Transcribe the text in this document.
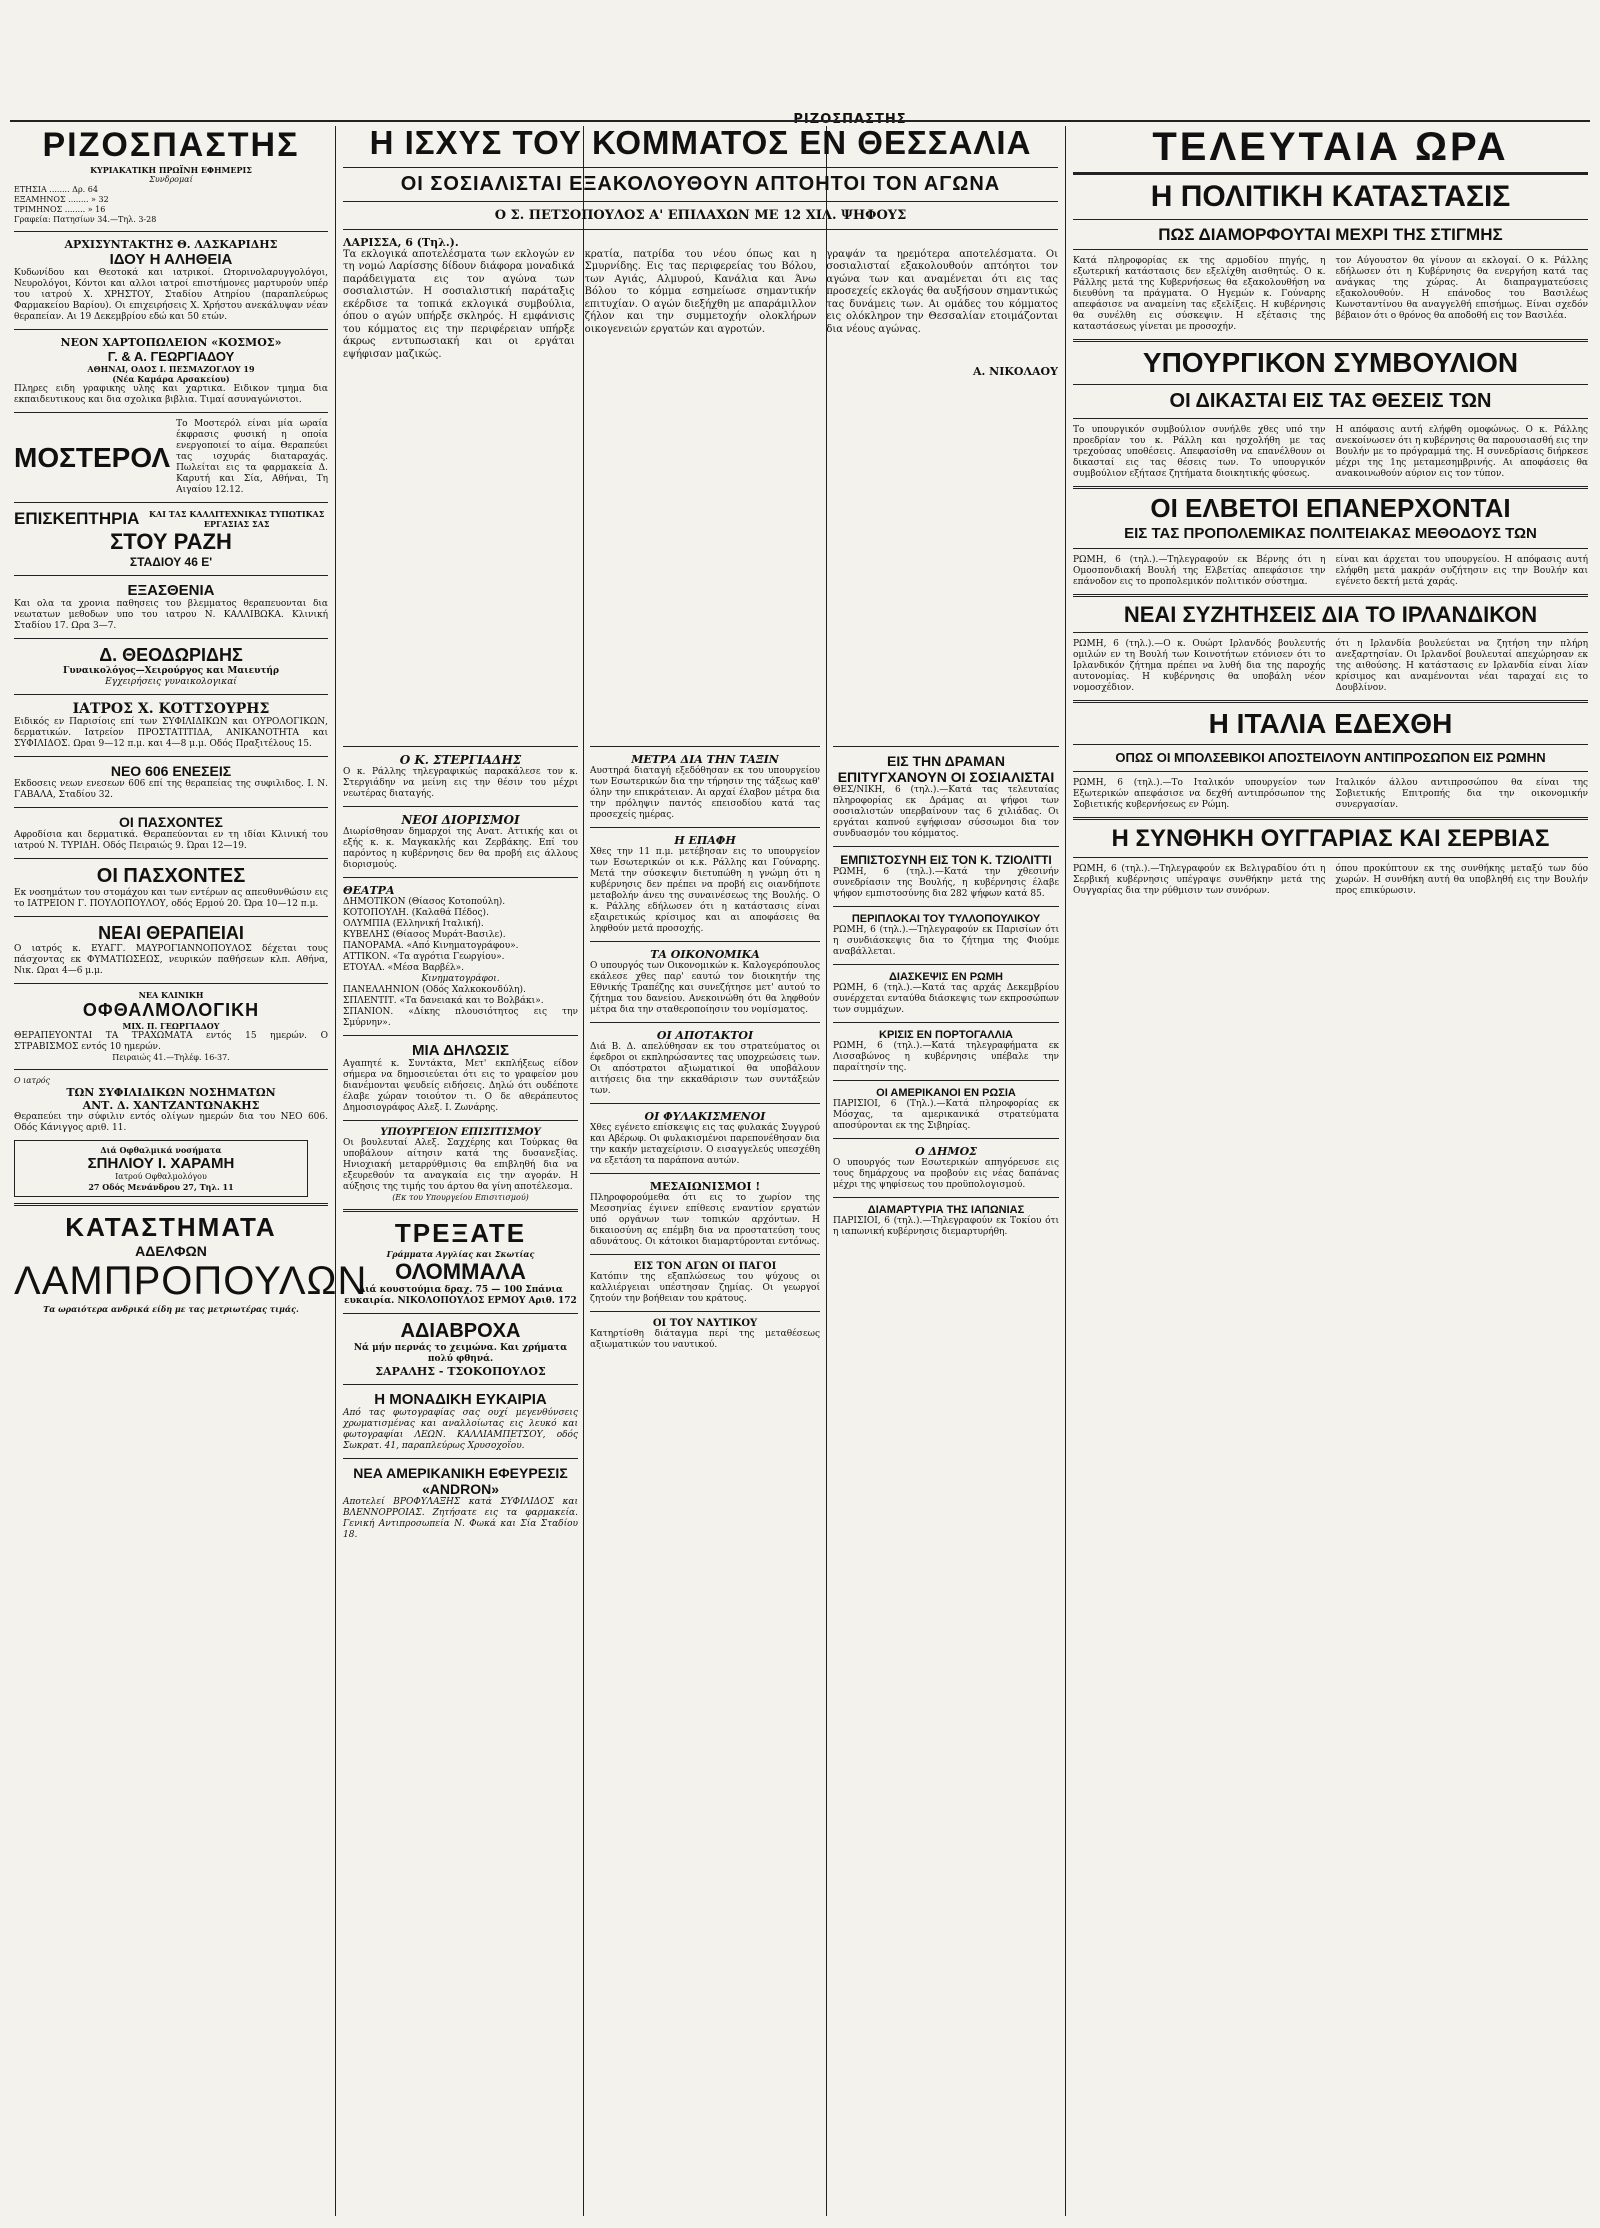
ΡΙΖΟΣΠΑΣΤΗΣ
ΡΙΖΟΣΠΑΣΤΗΣ
ΚΥΡΙΑΚΑΤΙΚΗ ΠΡΩΪΝΗ ΕΦΗΜΕΡΙΣ
Συνδρομαί
ΕΤΗΣΙΑ ........ Δρ. 64
ΕΞΑΜΗΝΟΣ ........ » 32
ΤΡΙΜΗΝΟΣ ........ » 16
Γραφεία: Πατησίων 34.—Τηλ. 3-28
ΑΡΧΙΣΥΝΤΑΚΤΗΣ Θ. ΛΑΣΚΑΡΙΔΗΣ
ΙΔΟΥ Η ΑΛΗΘΕΙΑ
Κυδωνίδου και Θεοτοκά και ιατρικοί. Ωτορινολαρυγγολόγοι, Νευρολόγοι, Κόντοι και αλλοι ιατροί επιστήμονες μαρτυρούν υπέρ του ιατρού Χ. ΧΡΗΣΤΟΥ, Σταδίου Ατηρίου (παραπλεύρως Φαρμακείου Βαρίου). Οι επιχειρήσεις Χ. Χρήστου ανεκάλυψαν νέαν θεραπείαν. Αι 19 Δεκεμβρίου εδώ και 50 ετών.
ΝΕΟΝ ΧΑΡΤΟΠΩΛΕΙΟΝ «ΚΟΣΜΟΣ»
Γ. & Α. ΓΕΩΡΓΙΑΔΟΥ
ΑΘΗΝΑΙ, ΟΔΟΣ Ι. ΠΕΣΜΑΖΟΓΛΟΥ 19
(Νέα Καμάρα Αρσακείου)
Πληρες ειδη γραφικης υλης και χαρτικα. Ειδικον τμημα δια εκπαιδευτικους και δια σχολικα βιβλια. Τιμαί ασυναγώνιστοι.
ΜΟΣΤΕΡΟΛ
Το Μοστερόλ είναι μία ωραία έκφρασις φυσική η οποία ενεργοποιεί το αίμα. Θεραπεύει τας ισχυράς διαταραχάς. Πωλείται εις τα φαρμακεία Δ. Καρυτή και Σία, Αθήναι, Τη Αιγαίου 12.12.
ΕΠΙΣΚΕΠΤΗΡΙΑ	ΚΑΙ ΤΑΣ ΚΑΛΛΙΤΕΧΝΙΚΑΣ ΤΥΠΩΤΙΚΑΣ ΕΡΓΑΣΙΑΣ ΣΑΣ
ΣΤΟΥ ΡΑΖΗ
ΣΤΑΔΙΟΥ 46 Ε'
ΕΞΑΣΘΕΝΙΑ
Και ολα τα χρονια παθησεις του βλεμματος θεραπευονται δια νεωτατων μεθοδων υπο του ιατρου Ν. ΚΑΛΛΙΒΩΚΑ. Κλινική Σταδίου 17. Ωρα 3—7.
Δ. ΘΕΟΔΩΡΙΔΗΣ
Γυναικολόγος—Χειρούργος και Μαιευτήρ
Εγχειρήσεις γυναικολογικαί
ΙΑΤΡΟΣ Χ. ΚΟΤΤΣΟΥΡΗΣ
Ειδικός εν Παρισίοις επί των ΣΥΦΙΛΙΔΙΚΩΝ και ΟΥΡΟΛΟΓΙΚΩΝ, δερματικών. Ιατρείον ΠΡΟΣΤΑΤΙΤΙΔΑ, ΑΝΙΚΑΝΟΤΗΤΑ και ΣΥΦΙΛΙΔΟΣ. Ωραι 9—12 π.μ. και 4—8 μ.μ. Οδός Πραξιτέλους 15.
ΝΕΟ 606 ΕΝΕΣΕΙΣ
Εκδοσεις νεων ενεσεων 606 επί της θεραπείας της συφιλιδος. Ι. Ν. ΓΑΒΑΛΑ, Σταδίου 32.
ΟΙ ΠΑΣΧΟΝΤΕΣ
Αφροδίσια και δερματικά. Θεραπεύονται εν τη ιδίαι Κλινική του ιατρού Ν. ΤΥΡΙΔΗ. Οδός Πειραιώς 9. Ώραι 12—19.
ΟΙ ΠΑΣΧΟΝΤΕΣ
Εκ νοσημάτων του στομάχου και των εντέρων ας απευθυνθώσιν εις το ΙΑΤΡΕΙΟΝ Γ. ΠΟΥΛΟΠΟΥΛΟΥ, οδός Ερμού 20. Ώρα 10—12 π.μ.
ΝΕΑΙ ΘΕΡΑΠΕΙΑΙ
Ο ιατρός κ. ΕΥΑΓΓ. ΜΑΥΡΟΓΙΑΝΝΟΠΟΥΛΟΣ δέχεται τους πάσχοντας εκ ΦΥΜΑΤΙΩΣΕΩΣ, νευρικών παθήσεων κλπ. Αθήνα, Νικ. Ωραι 4—6 μ.μ.
ΝΕΑ ΚΛΙΝΙΚΗ
ΟΦΘΑΛΜΟΛΟΓΙΚΗ
ΜΙΧ. Π. ΓΕΩΡΓΙΑΔΟΥ
ΘΕΡΑΠΕΥΟΝΤΑΙ ΤΑ ΤΡΑΧΩΜΑΤΑ εντός 15 ημερών. Ο ΣΤΡΑΒΙΣΜΟΣ εντός 10 ημερών.
Πειραιώς 41.—Τηλέφ. 16-37.
Ο ιατρός
ΤΩΝ ΣΥΦΙΛΙΔΙΚΩΝ ΝΟΣΗΜΑΤΩΝ
ΑΝΤ. Δ. ΧΑΝΤΖΑΝΤΩΝΑΚΗΣ
Θεραπεύει την σύφιλιν εντός ολίγων ημερών δια του NEO 606. Οδός Κάνιγγος αριθ. 11.
Διά Οφθαλμικά νοσήματα
ΣΠΗΛΙΟΥ Ι. ΧΑΡΑΜΗ
Ιατρού Οφθαλμολόγου
27 Οδός Μενάνδρου 27, Τηλ. 11
ΚΑΤΑΣΤΗΜΑΤΑ
ΑΔΕΛΦΩΝ
ΛΑΜΠΡΟΠΟΥΛΩΝ
Τα ωραιότερα ανδρικά είδη με τας μετριωτέρας τιμάς.
Η ΙΣΧΥΣ ΤΟΥ ΚΟΜΜΑΤΟΣ ΕΝ ΘΕΣΣΑΛΙΑ
ΟΙ ΣΟΣΙΑΛΙΣΤΑΙ ΕΞΑΚΟΛΟΥΘΟΥΝ ΑΠΤΟΗΤΟΙ ΤΟΝ ΑΓΩΝΑ
Ο Σ. ΠΕΤΣΟΠΟΥΛΟΣ Α' ΕΠΙΛΑΧΩΝ ΜΕ 12 ΧΙΛ. ΨΗΦΟΥΣ
ΛΑΡΙΣΣΑ, 6 (Τηλ.).
Τα εκλογικά αποτελέσματα των εκλογών εν τη νομώ Λαρίσσης δίδουν διάφορα μοναδικά παράδειγματα εις τον αγώνα των σοσιαλιστών. Η σοσιαλιστική παράταξις εκέρδισε τα τοπικά εκλογικά συμβούλια, όπου ο αγών υπήρξε σκληρός. Η εμφάνισις του κόμματος εις την περιφέρειαν υπήρξε άκρως εντυπωσιακή και οι εργάται εψήφισαν μαζικώς.
κρατία, πατρίδα του νέου όπως και η Σμυρνίδης. Εις τας περιφερείας του Βόλου, των Αγιάς, Αλμυρού, Κανάλια και Άνω Βόλου το κόμμα εσημείωσε σημαντικήν επιτυχίαν. Ο αγών διεξήχθη με απαράμιλλον ζήλον και την συμμετοχήν ολοκλήρων οικογενειών εργατών και αγροτών.
γραψάν τα ηρεμότερα αποτελέσματα. Οι σοσιαλισταί εξακολουθούν απτόητοι τον αγώνα των και αναμένεται ότι εις τας προσεχείς εκλογάς θα αυξήσουν σημαντικώς τας δυνάμεις των. Αι ομάδες του κόμματος εις ολόκληρον την Θεσσαλίαν ετοιμάζονται δια νέους αγώνας.
Α. ΝΙΚΟΛΑΟΥ
Ο Κ. ΣΤΕΡΓΙΑΔΗΣ
Ο κ. Ράλλης τηλεγραφικώς παρακάλεσε τον κ. Στεργιάδην να μείνη εις την θέσιν του μέχρι νεωτέρας διαταγής.
ΝΕΟΙ ΔΙΟΡΙΣΜΟΙ
Διωρίσθησαν δημαρχοί της Ανατ. Αττικής και οι εξής κ. κ. Μαγκακλής και Ζερβάκης. Επί του παρόντος η κυβέρνησις δεν θα προβή εις άλλους διορισμούς.
ΘΕΑΤΡΑ
ΔΗΜΟΤΙΚΟΝ (Θίασος Κοτοπούλη).
ΚΟΤΟΠΟΥΛΗ. (Καλαθά Πέδος).
ΟΛΥΜΠΙΑ (Ελληνική Ιταλική).
ΚΥΒΕΛΗΣ (Θίασος Μυράτ-Βασιλε).
ΠΑΝΟΡΑΜΑ. «Από Κινηματογράφου».
ΑΤΤΙΚΟΝ. «Τα αγρότια Γεωργίου».
ΕΤΟΥΑΛ. «Μέσα Βαρβέλ».
Κινηματογράφοι.
ΠΑΝΕΛΛΗΝΙΟΝ (Οδός Χαλκοκονδύλη).
ΣΠΛΕΝΤΙΤ. «Τα δανειακά και το Βολβάκι».
ΣΠΑΝΙΟΝ. «Δίκης πλουσιότητος εις την Σμύρνην».
ΜΙΑ ΔΗΛΩΣΙΣ
Αγαπητέ κ. Συντάκτα, Μετ' εκπλήξεως είδον σήμερα να δημοσιεύεται ότι εις το γραφείον μου διανέμονται ψευδείς ειδήσεις. Δηλώ ότι ουδέποτε έλαβε χώραν τοιούτον τι. Ο δε αθεράπευτος Δημοσιογράφος Αλεξ. Ι. Ζωνάρης.
ΥΠΟΥΡΓΕΙΟΝ ΕΠΙΣΙΤΙΣΜΟΥ
Οι βουλευταί Αλεξ. Σαχχέρης και Τούρκας θα υποβάλουν αίτησιν κατά της δυσανεξίας. Ηνιοχιακή μεταρρύθμισις θα επιβληθή δια να εξευρεθούν τα αναγκαία εις την αγοράν. Η αύξησις της τιμής του άρτου θα γίνη αποτέλεσμα.
(Εκ του Υπουργείου Επισιτισμού)
ΤΡΕΞΑΤΕ
Γράμματα Αγγλίας και Σκωτίας
ΟΛΟΜΜΑΛΑ
Διά κουστούμια δραχ. 75 — 100 Σπάνια ευκαιρία. ΝΙΚΟΛΟΠΟΥΛΟΣ ΕΡΜΟΥ Αριθ. 172
ΑΔΙΑΒΡΟΧΑ
Νά μήν περνάς το χειμώνα. Και χρήματα πολύ φθηνά.
ΣΑΡΑΛΗΣ - ΤΣΟΚΟΠΟΥΛΟΣ
Η ΜΟΝΑΔΙΚΗ ΕΥΚΑΙΡΙΑ
Από τας φωτογραφίας σας ουχί μεγενθύνσεις χρωματισμένας και αναλλοίωτας εις λευκό και φωτογραφίαι ΛΕΩΝ. ΚΑΛΛΙΑΜΠΕΤΣΟΥ, οδός Σωκρατ. 41, παραπλεύρως Χρυσοχοΐου.
ΝΕΑ ΑΜΕΡΙΚΑΝΙΚΗ ΕΦΕΥΡΕΣΙΣ «ANDRON»
Αποτελεί ΒΡΟΦΥΛΑΞΗΣ κατά ΣΥΦΙΛΙΔΟΣ και ΒΛΕΝΝΟΡΡΟΙΑΣ. Ζητήσατε εις τα φαρμακεία. Γενική Αντιπροσωπεία Ν. Φωκά και Σία Σταδίου 18.
ΜΕΤΡΑ ΔΙΑ ΤΗΝ ΤΑΞΙΝ
Αυστηρά διαταγή εξεδόθησαν εκ του υπουργείου των Εσωτερικών δια την τήρησιν της τάξεως καθ' όλην την επικράτειαν. Αι αρχαί έλαβον μέτρα δια την πρόληψιν παντός επεισοδίου κατά τας προσεχείς ημέρας.
Η ΕΠΑΦΗ
Χθες την 11 π.μ. μετέβησαν εις το υπουργείον των Εσωτερικών οι κ.κ. Ράλλης και Γούναρης. Μετά την σύσκεψιν διετυπώθη η γνώμη ότι η κυβέρνησις δεν πρέπει να προβή εις οιανδήποτε μεταβολήν άνευ της συναινέσεως της Βουλής. Ο κ. Ράλλης εδήλωσεν ότι η κατάστασις είναι εξαιρετικώς κρίσιμος και αι αποφάσεις θα ληφθούν μετά προσοχής.
ΤΑ ΟΙΚΟΝΟΜΙΚΑ
Ο υπουργός των Οικονομικών κ. Καλογερόπουλος εκάλεσε χθες παρ' εαυτώ τον διοικητήν της Εθνικής Τραπέζης και συνεζήτησε μετ' αυτού το ζήτημα του δανείου. Ανεκοινώθη ότι θα ληφθούν μέτρα δια την σταθεροποίησιν του νομίσματος.
ΟΙ ΑΠΟΤΑΚΤΟΙ
Διά Β. Δ. απελύθησαν εκ του στρατεύματος οι έφεδροι οι εκπληρώσαντες τας υποχρεώσεις των. Οι απόστρατοι αξιωματικοί θα υποβάλουν αιτήσεις δια την εκκαθάρισιν των συντάξεών των.
ΟΙ ΦΥΛΑΚΙΣΜΕΝΟΙ
Χθες εγένετο επίσκεψις εις τας φυλακάς Συγγρού και Αβέρωφ. Οι φυλακισμένοι παρεπονέθησαν δια την κακήν μεταχείρισιν. Ο εισαγγελεύς υπεσχέθη να εξετάση τα παράπονα αυτών.
ΜΕΣΑΙΩΝΙΣΜΟΙ !
Πληροφορούμεθα ότι εις το χωρίον της Μεσσηνίας έγινεν επίθεσις εναντίον εργατών υπό οργάνων των τοπικών αρχόντων. Η δικαιοσύνη ας επέμβη δια να προστατεύση τους αδυνάτους. Οι κάτοικοι διαμαρτύρονται εντόνως.
ΕΙΣ ΤΟΝ ΑΓΩΝ ΟΙ ΠΑΓΟΙ
Κατόπιν της εξαπλώσεως του ψύχους οι καλλιέργειαι υπέστησαν ζημίας. Οι γεωργοί ζητούν την βοήθειαν του κράτους.
ΟΙ ΤΟΥ ΝΑΥΤΙΚΟΥ
Κατηρτίσθη διάταγμα περί της μεταθέσεως αξιωματικών του ναυτικού.
ΕΙΣ ΤΗΝ ΔΡΑΜΑΝ ΕΠΙΤΥΓΧΑΝΟΥΝ ΟΙ ΣΟΣΙΑΛΙΣΤΑΙ
ΘΕΣ/ΝΙΚΗ, 6 (τηλ.).—Κατά τας τελευταίας πληροφορίας εκ Δράμας αι ψήφοι των σοσιαλιστών υπερβαίνουν τας 6 χιλιάδας. Οι εργάται καπνού εψήφισαν σύσσωμοι δια τον συνδυασμόν του κόμματος.
ΕΜΠΙΣΤΟΣΥΝΗ ΕΙΣ ΤΟΝ Κ. ΤΖΙΟΛΙΤΤΙ
ΡΩΜΗ, 6 (τηλ.).—Κατά την χθεσινήν συνεδρίασιν της Βουλής, η κυβέρνησις έλαβε ψήφον εμπιστοσύνης δια 282 ψήφων κατά 85.
ΠΕΡΙΠΛΟΚΑΙ ΤΟΥ ΤΥΛΛΟΠΟΥΛΙΚΟΥ
ΡΩΜΗ, 6 (τηλ.).—Τηλεγραφούν εκ Παρισίων ότι η συνδιάσκεψις δια το ζήτημα της Φιούμε αναβάλλεται.
ΔΙΑΣΚΕΨΙΣ ΕΝ ΡΩΜΗ
ΡΩΜΗ, 6 (τηλ.).—Κατά τας αρχάς Δεκεμβρίου συνέρχεται ενταύθα διάσκεψις των εκπροσώπων των συμμάχων.
ΚΡΙΣΙΣ ΕΝ ΠΟΡΤΟΓΑΛΛΙΑ
ΡΩΜΗ, 6 (τηλ.).—Κατά τηλεγραφήματα εκ Λισσαβώνος η κυβέρνησις υπέβαλε την παραίτησίν της.
ΟΙ ΑΜΕΡΙΚΑΝΟΙ ΕΝ ΡΩΣΙΑ
ΠΑΡΙΣΙΟΙ, 6 (Τηλ.).—Κατά πληροφορίας εκ Μόσχας, τα αμερικανικά στρατεύματα αποσύρονται εκ της Σιβηρίας.
Ο ΔΗΜΟΣ
Ο υπουργός των Εσωτερικών απηγόρευσε εις τους δημάρχους να προβούν εις νέας δαπάνας μέχρι της ψηφίσεως του προϋπολογισμού.
ΔΙΑΜΑΡΤΥΡΙΑ ΤΗΣ ΙΑΠΩΝΙΑΣ
ΠΑΡΙΣΙΟΙ, 6 (τηλ.).—Τηλεγραφούν εκ Τοκίου ότι η ιαπωνική κυβέρνησις διεμαρτυρήθη.
ΤΕΛΕΥΤΑΙΑ ΩΡΑ
Η ΠΟΛΙΤΙΚΗ ΚΑΤΑΣΤΑΣΙΣ
ΠΩΣ ΔΙΑΜΟΡΦΟΥΤΑΙ ΜΕΧΡΙ ΤΗΣ ΣΤΙΓΜΗΣ
Κατά πληροφορίας εκ της αρμοδίου πηγής, η εξωτερική κατάστασις δεν εξελίχθη αισθητώς. Ο κ. Ράλλης μετά της Κυβερνήσεως θα εξακολουθήση να διευθύνη τα πράγματα. Ο Ηγεμών κ. Γούναρης απεφάσισε να αναμείνη τας εξελίξεις. Η κυβέρνησις θα συνέλθη εις σύσκεψιν. Η εξέτασις της καταστάσεως γίνεται με προσοχήν.
τον Αύγουστον θα γίνουν αι εκλογαί. Ο κ. Ράλλης εδήλωσεν ότι η Κυβέρνησις θα ενεργήση κατά τας ανάγκας της χώρας. Αι διαπραγματεύσεις εξακολουθούν. Η επάνοδος του Βασιλέως Κωνσταντίνου θα αναγγελθή επισήμως. Είναι σχεδόν βέβαιον ότι ο θρόνος θα αποδοθή εις τον Βασιλέα.
ΥΠΟΥΡΓΙΚΟΝ ΣΥΜΒΟΥΛΙΟΝ
ΟΙ ΔΙΚΑΣΤΑΙ ΕΙΣ ΤΑΣ ΘΕΣΕΙΣ ΤΩΝ
Το υπουργικόν συμβούλιον συνήλθε χθες υπό την προεδρίαν του κ. Ράλλη και ησχολήθη με τας τρεχούσας υποθέσεις. Απεφασίσθη να επανέλθουν οι δικασταί εις τας θέσεις των. Το υπουργικόν συμβούλιον εξήτασε ζητήματα διοικητικής φύσεως.
Η απόφασις αυτή ελήφθη ομοφώνως. Ο κ. Ράλλης ανεκοίνωσεν ότι η κυβέρνησις θα παρουσιασθή εις την Βουλήν με το πρόγραμμά της. Η συνεδρίασις διήρκεσε μέχρι της 1ης μεταμεσημβρινής. Αι αποφάσεις θα ανακοινωθούν αύριον εις τον τύπον.
ΟΙ ΕΛΒΕΤΟΙ ΕΠΑΝΕΡΧΟΝΤΑΙ
ΕΙΣ ΤΑΣ ΠΡΟΠΟΛΕΜΙΚΑΣ ΠΟΛΙΤΕΙΑΚΑΣ ΜΕΘΟΔΟΥΣ ΤΩΝ
ΡΩΜΗ, 6 (τηλ.).—Τηλεγραφούν εκ Βέρνης ότι η Ομοσπονδιακή Βουλή της Ελβετίας απεφάσισε την επάνοδον εις το προπολεμικόν πολιτικόν σύστημα.
είναι και άρχεται του υπουργείου. Η απόφασις αυτή ελήφθη μετά μακράν συζήτησιν εις την Βουλήν και εγένετο δεκτή μετά χαράς.
ΝΕΑΙ ΣΥΖΗΤΗΣΕΙΣ ΔΙΑ ΤΟ ΙΡΛΑΝΔΙΚΟΝ
ΡΩΜΗ, 6 (τηλ.).—Ο κ. Ουώρτ Ιρλανδός βουλευτής ομιλών εν τη Βουλή των Κοινοτήτων ετόνισεν ότι το Ιρλανδικόν ζήτημα πρέπει να λυθή δια της παροχής αυτονομίας. Η κυβέρνησις θα υποβάλη νέον νομοσχέδιον.
ότι η Ιρλανδία βουλεύεται να ζητήση την πλήρη ανεξαρτησίαν. Οι Ιρλανδοί βουλευταί απεχώρησαν εκ της αιθούσης. Η κατάστασις εν Ιρλανδία είναι λίαν κρίσιμος και αναμένονται νέαι ταραχαί εις το Δουβλίνον.
Η ΙΤΑΛΙΑ ΕΔΕΧΘΗ
ΟΠΩΣ ΟΙ ΜΠΟΛΣΕΒΙΚΟΙ ΑΠΟΣΤΕΙΛΟΥΝ ΑΝΤΙΠΡΟΣΩΠΟΝ ΕΙΣ ΡΩΜΗΝ
ΡΩΜΗ, 6 (τηλ.).—Το Ιταλικόν υπουργείον των Εξωτερικών απεφάσισε να δεχθή αντιπρόσωπον της Σοβιετικής κυβερνήσεως εν Ρώμη.
Ιταλικόν άλλου αντιπροσώπου θα είναι της Σοβιετικής Επιτροπής δια την οικονομικήν συνεργασίαν.
Η ΣΥΝΘΗΚΗ ΟΥΓΓΑΡΙΑΣ ΚΑΙ ΣΕΡΒΙΑΣ
ΡΩΜΗ, 6 (τηλ.).—Τηλεγραφούν εκ Βελιγραδίου ότι η Σερβική κυβέρνησις υπέγραψε συνθήκην μετά της Ουγγαρίας δια την ρύθμισιν των συνόρων.
όπου προκύπτουν εκ της συνθήκης μεταξύ των δύο χωρών. Η συνθήκη αυτή θα υποβληθή εις την Βουλήν προς επικύρωσιν.
